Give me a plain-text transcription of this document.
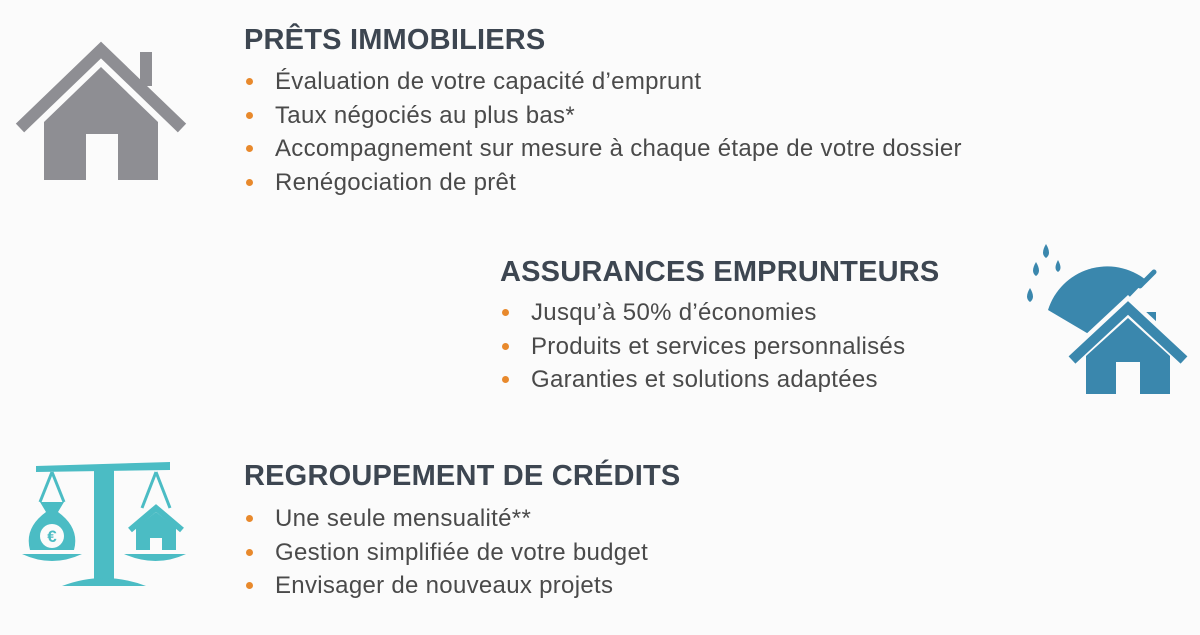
PRÊTS IMMOBILIERS
Évaluation de votre capacité d’emprunt
Taux négociés au plus bas*
Accompagnement sur mesure à chaque étape de votre dossier
Renégociation de prêt
ASSURANCES EMPRUNTEURS
Jusqu’à 50% d’économies
Produits et services personnalisés
Garanties et solutions adaptées
€
REGROUPEMENT DE CRÉDITS
Une seule mensualité**
Gestion simplifiée de votre budget
Envisager de nouveaux projets
